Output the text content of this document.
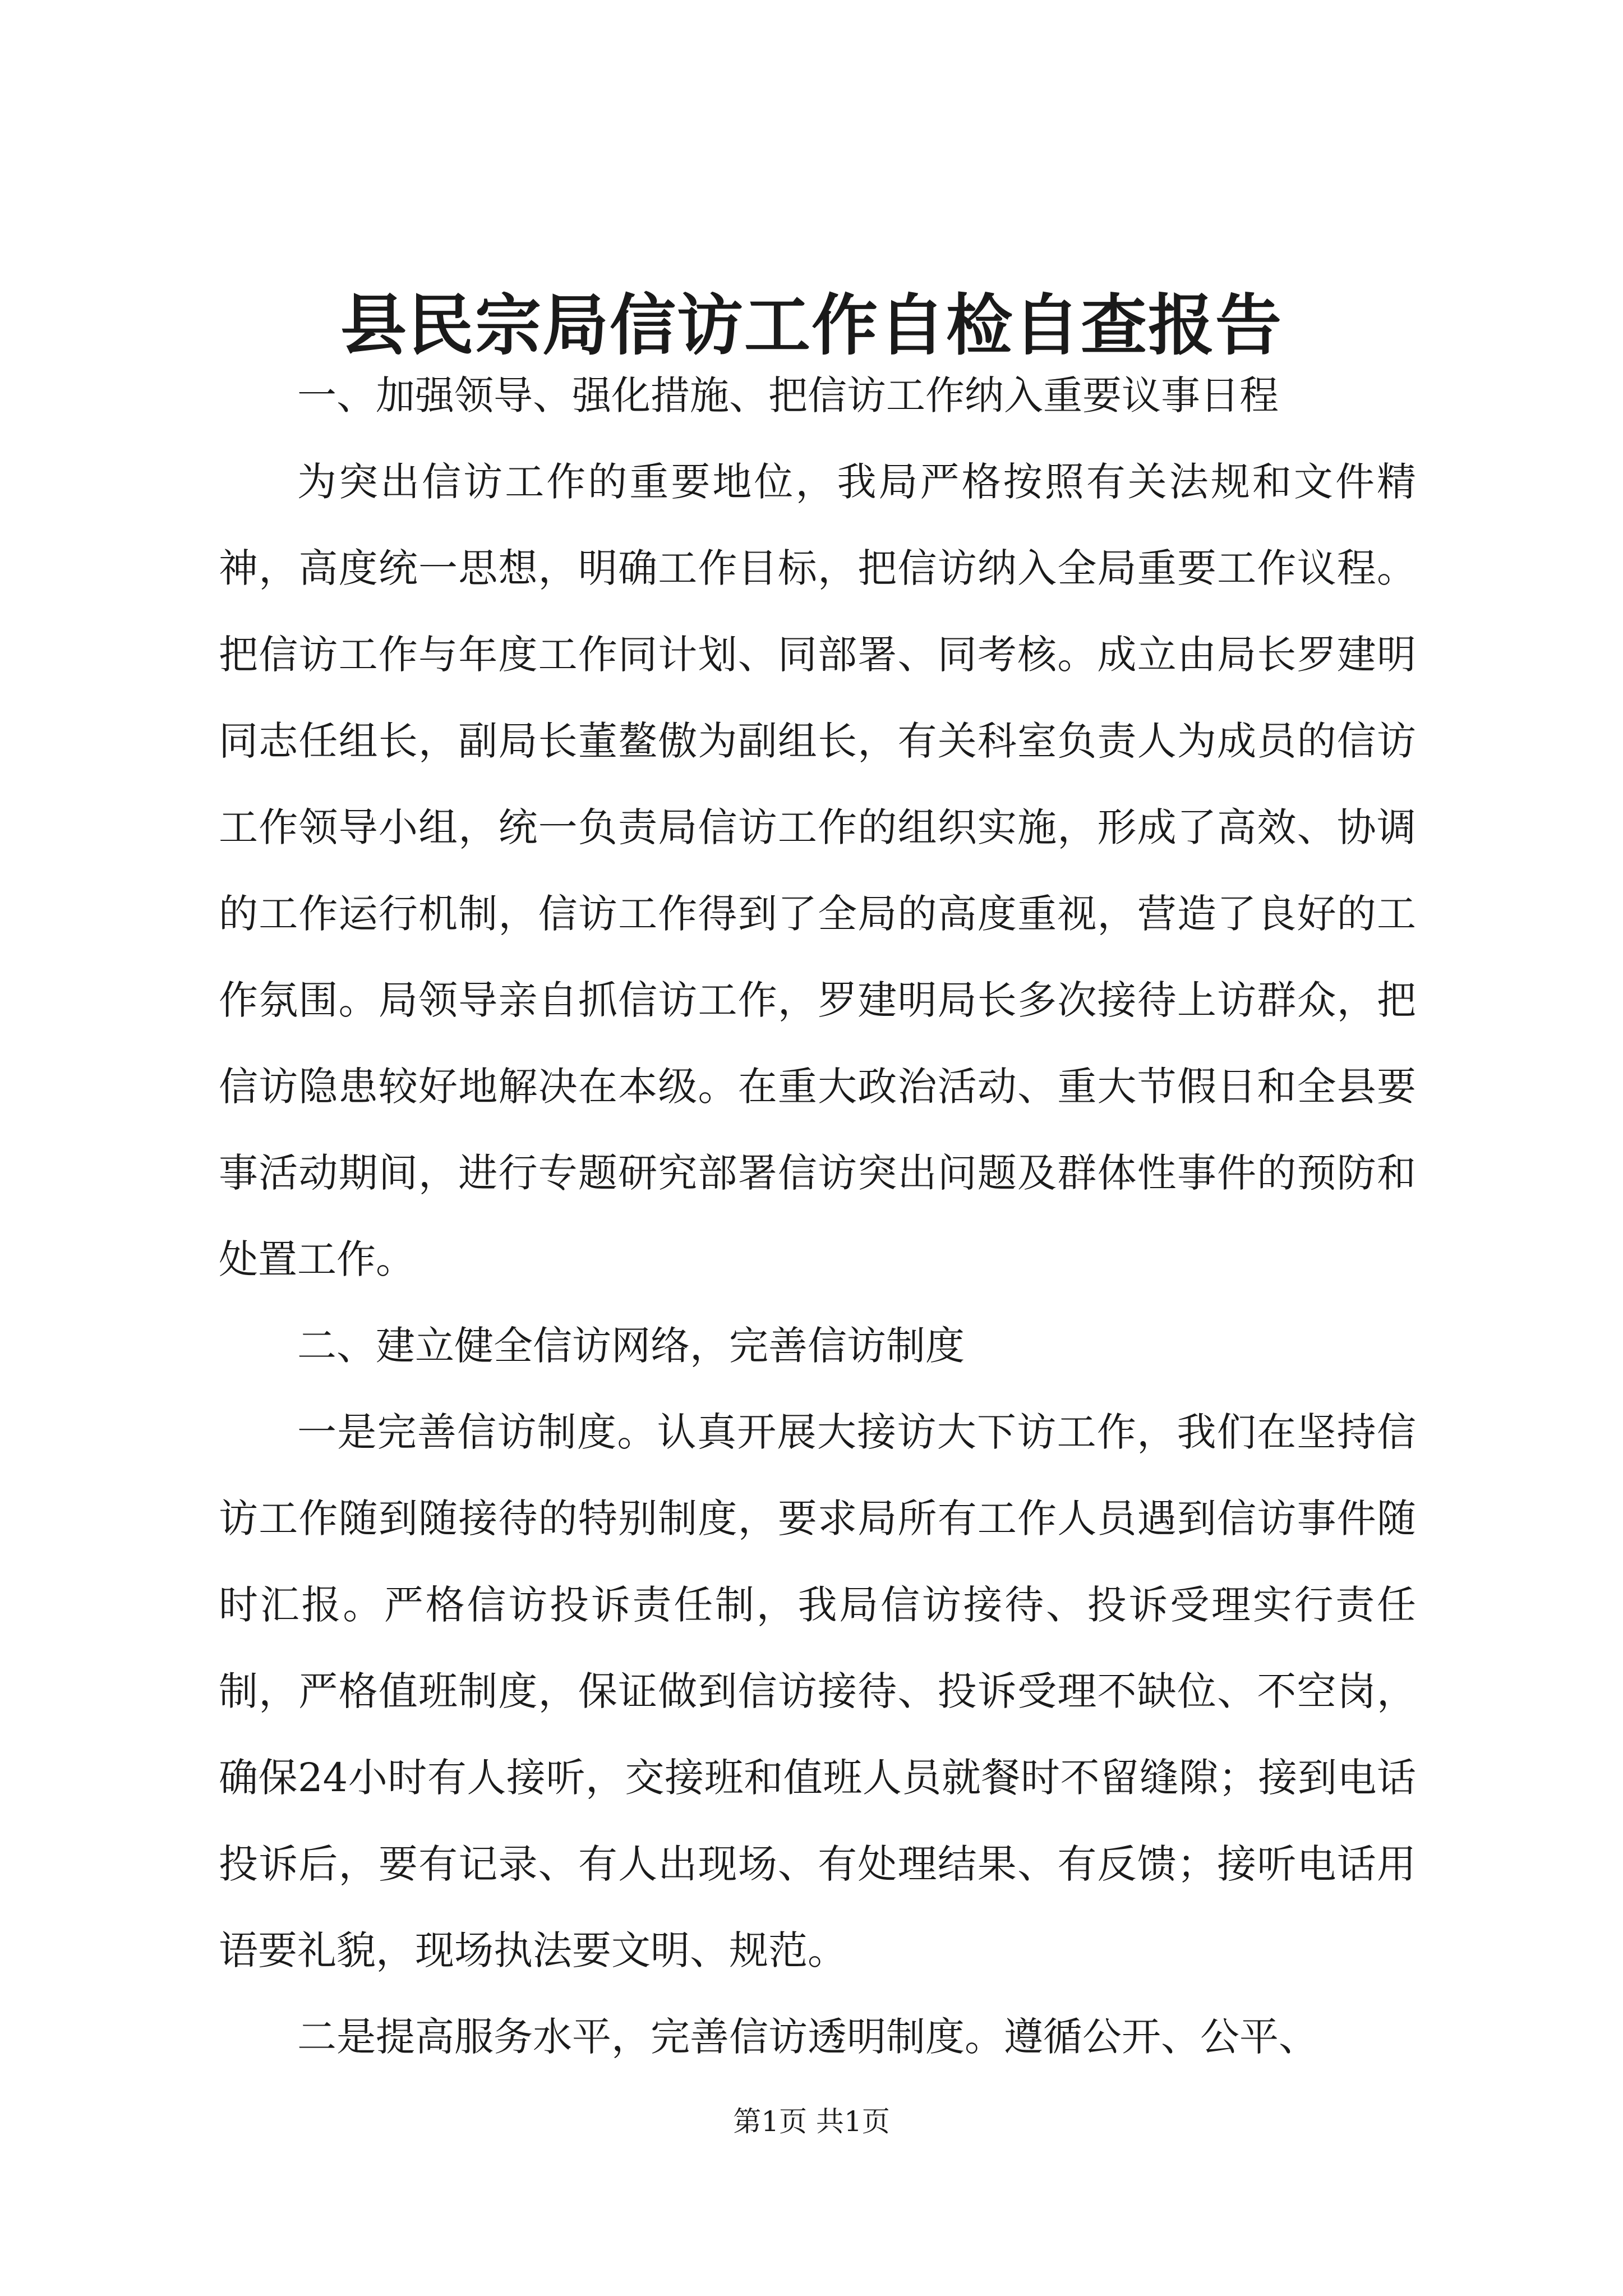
县民宗局信访工作自检自查报告

一、加强领导、强化措施、把信访工作纳入重要议事日程

为突出信访工作的重要地位，我局严格按照有关法规和文件精神，高度统一思想，明确工作目标，把信访纳入全局重要工作议程。把信访工作与年度工作同计划、同部署、同考核。成立由局长罗建明同志任组长，副局长董鳌傲为副组长，有关科室负责人为成员的信访工作领导小组，统一负责局信访工作的组织实施，形成了高效、协调的工作运行机制，信访工作得到了全局的高度重视，营造了良好的工作氛围。局领导亲自抓信访工作，罗建明局长多次接待上访群众，把信访隐患较好地解决在本级。在重大政治活动、重大节假日和全县要事活动期间，进行专题研究部署信访突出问题及群体性事件的预防和处置工作。

二、建立健全信访网络，完善信访制度

一是完善信访制度。认真开展大接访大下访工作，我们在坚持信访工作随到随接待的特别制度，要求局所有工作人员遇到信访事件随时汇报。严格信访投诉责任制，我局信访接待、投诉受理实行责任制，严格值班制度，保证做到信访接待、投诉受理不缺位、不空岗，确保24小时有人接听，交接班和值班人员就餐时不留缝隙；接到电话投诉后，要有记录、有人出现场、有处理结果、有反馈；接听电话用语要礼貌，现场执法要文明、规范。

二是提高服务水平，完善信访透明制度。遵循公开、公平、

第1页 共1页
